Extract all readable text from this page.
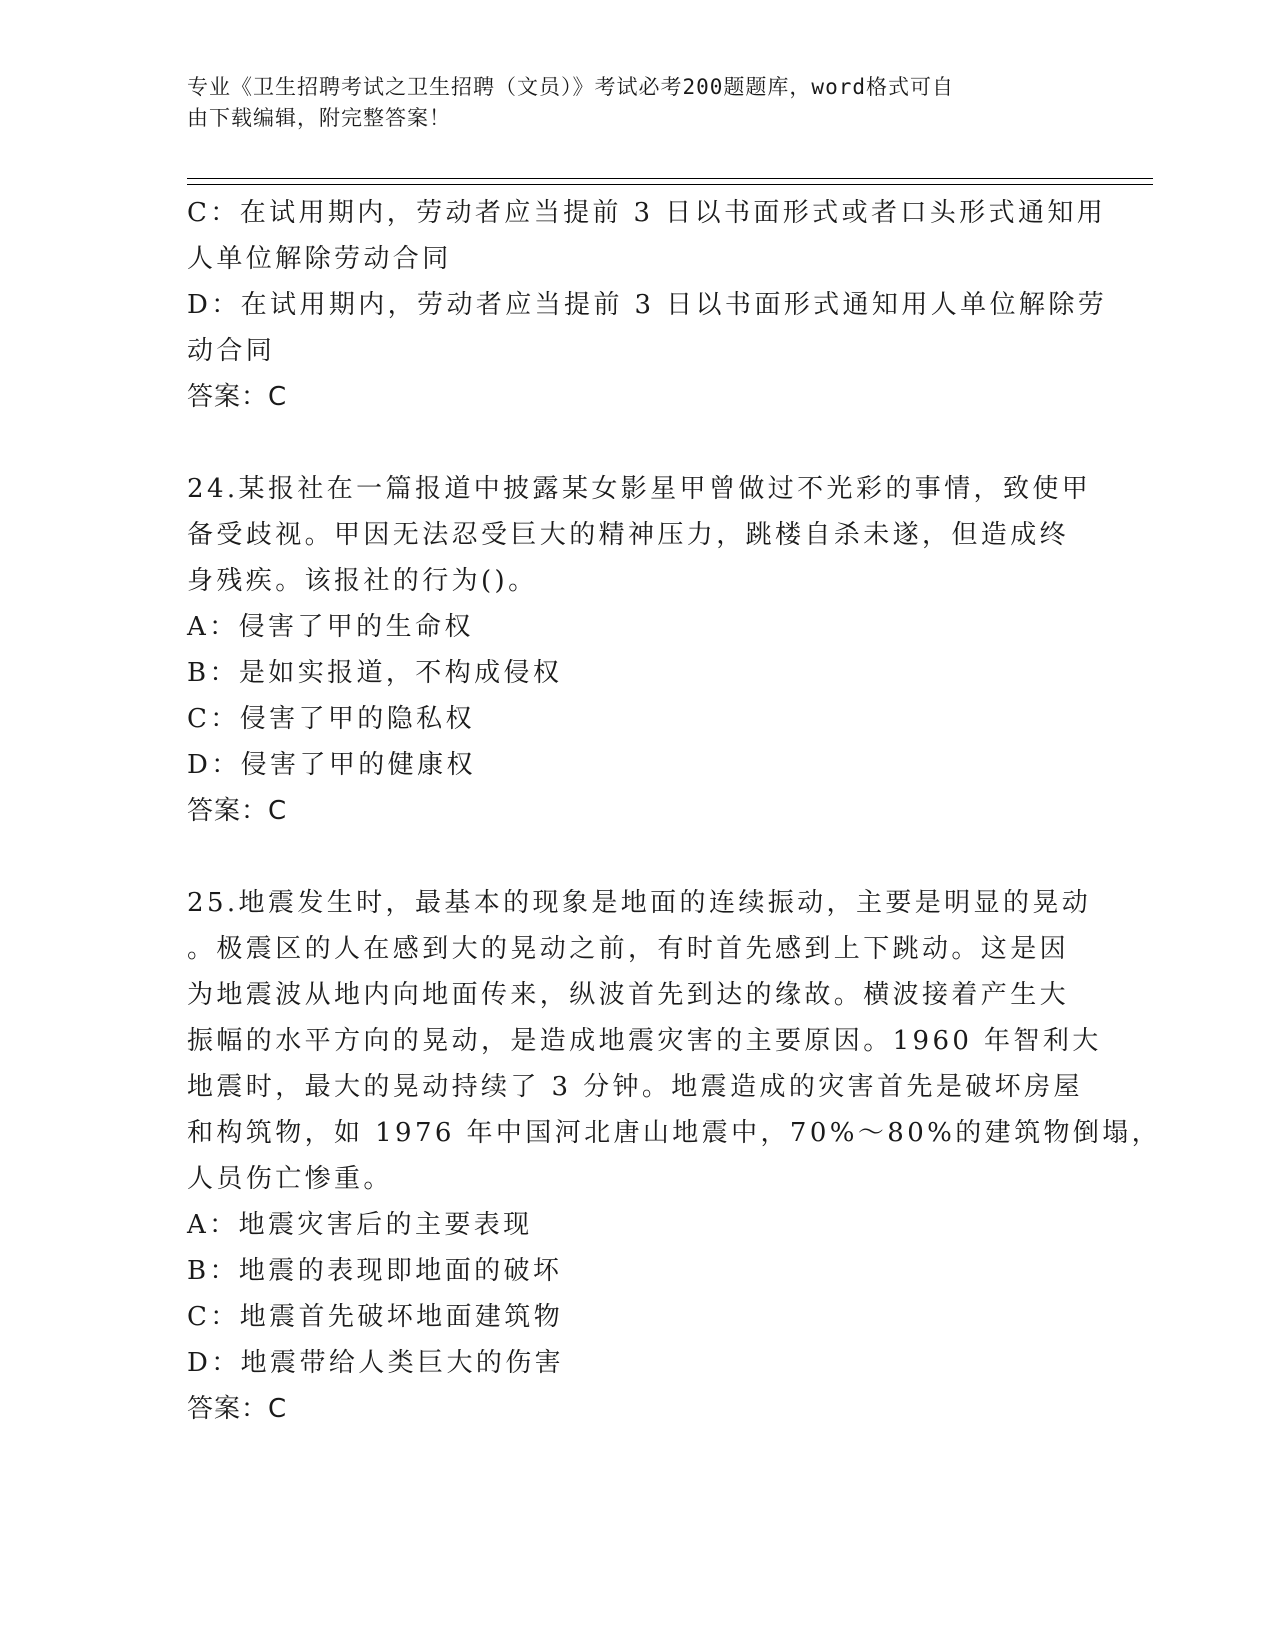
专业《卫生招聘考试之卫生招聘（文员）》考试必考200题题库，word格式可自
由下载编辑，附完整答案！

C：在试用期内，劳动者应当提前 3 日以书面形式或者口头形式通知用

人单位解除劳动合同

D：在试用期内，劳动者应当提前 3 日以书面形式通知用人单位解除劳

动合同

答案：C

24.某报社在一篇报道中披露某女影星甲曾做过不光彩的事情，致使甲

备受歧视。甲因无法忍受巨大的精神压力，跳楼自杀未遂，但造成终

身残疾。该报社的行为()。

A：侵害了甲的生命权

B：是如实报道，不构成侵权

C：侵害了甲的隐私权

D：侵害了甲的健康权

答案：C

25.地震发生时，最基本的现象是地面的连续振动，主要是明显的晃动

。极震区的人在感到大的晃动之前，有时首先感到上下跳动。这是因

为地震波从地内向地面传来，纵波首先到达的缘故。横波接着产生大

振幅的水平方向的晃动，是造成地震灾害的主要原因。1960 年智利大

地震时，最大的晃动持续了 3 分钟。地震造成的灾害首先是破坏房屋

和构筑物，如 1976 年中国河北唐山地震中，70%～80%的建筑物倒塌，

人员伤亡惨重。

A：地震灾害后的主要表现

B：地震的表现即地面的破坏

C：地震首先破坏地面建筑物

D：地震带给人类巨大的伤害

答案：C
